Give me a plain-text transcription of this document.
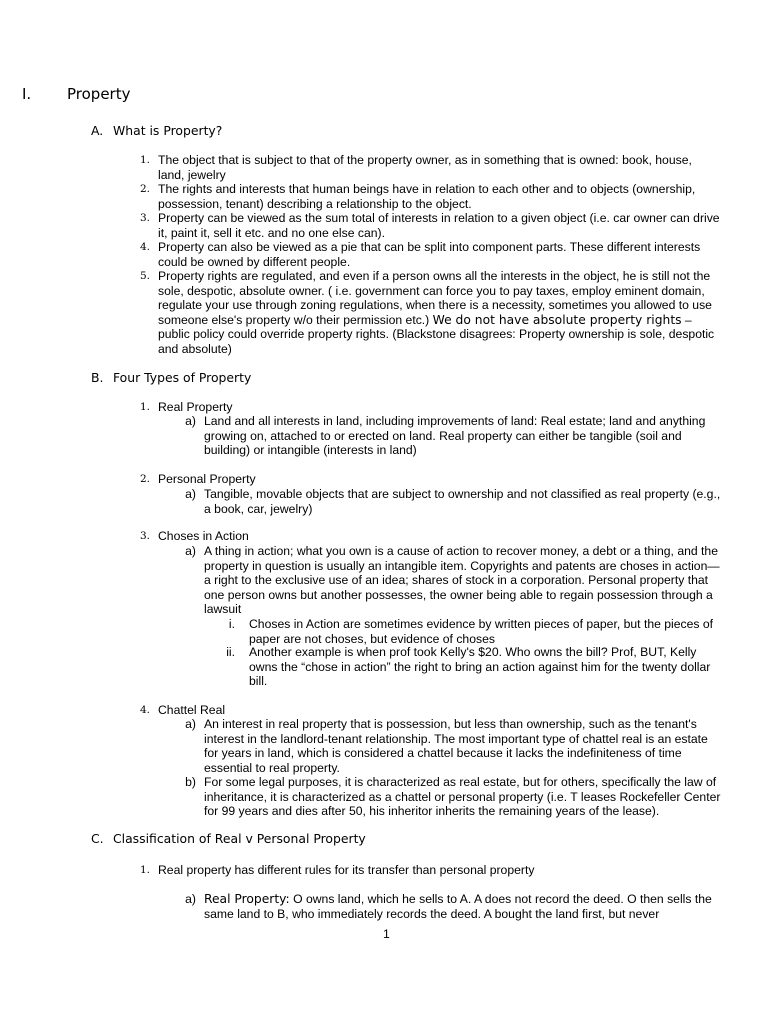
I. Property
A. What is Property?
1. The object that is subject to that of the property owner, as in something that is owned: book, house, land, jewelry
2. The rights and interests that human beings have in relation to each other and to objects (ownership, possession, tenant) describing a relationship to the object.
3. Property can be viewed as the sum total of interests in relation to a given object (i.e. car owner can drive it, paint it, sell it etc. and no one else can).
4. Property can also be viewed as a pie that can be split into component parts. These different interests could be owned by different people.
5. Property rights are regulated, and even if a person owns all the interests in the object, he is still not the sole, despotic, absolute owner. ( i.e. government can force you to pay taxes, employ eminent domain, regulate your use through zoning regulations, when there is a necessity, sometimes you allowed to use someone else's property w/o their permission etc.) We do not have absolute property rights – public policy could override property rights. (Blackstone disagrees: Property ownership is sole, despotic and absolute)
B. Four Types of Property
1. Real Property
a) Land and all interests in land, including improvements of land: Real estate; land and anything growing on, attached to or erected on land. Real property can either be tangible (soil and building) or intangible (interests in land)
2. Personal Property
a) Tangible, movable objects that are subject to ownership and not classified as real property (e.g., a book, car, jewelry)
3. Choses in Action
a) A thing in action; what you own is a cause of action to recover money, a debt or a thing, and the property in question is usually an intangible item. Copyrights and patents are choses in action—a right to the exclusive use of an idea; shares of stock in a corporation. Personal property that one person owns but another possesses, the owner being able to regain possession through a lawsuit
i. Choses in Action are sometimes evidence by written pieces of paper, but the pieces of paper are not choses, but evidence of choses
ii. Another example is when prof took Kelly's $20. Who owns the bill? Prof, BUT, Kelly owns the “chose in action” the right to bring an action against him for the twenty dollar bill.
4. Chattel Real
a) An interest in real property that is possession, but less than ownership, such as the tenant's interest in the landlord-tenant relationship. The most important type of chattel real is an estate for years in land, which is considered a chattel because it lacks the indefiniteness of time essential to real property.
b) For some legal purposes, it is characterized as real estate, but for others, specifically the law of inheritance, it is characterized as a chattel or personal property (i.e. T leases Rockefeller Center for 99 years and dies after 50, his inheritor inherits the remaining years of the lease).
C. Classification of Real v Personal Property
1. Real property has different rules for its transfer than personal property
a) Real Property: O owns land, which he sells to A. A does not record the deed. O then sells the same land to B, who immediately records the deed. A bought the land first, but never
1
